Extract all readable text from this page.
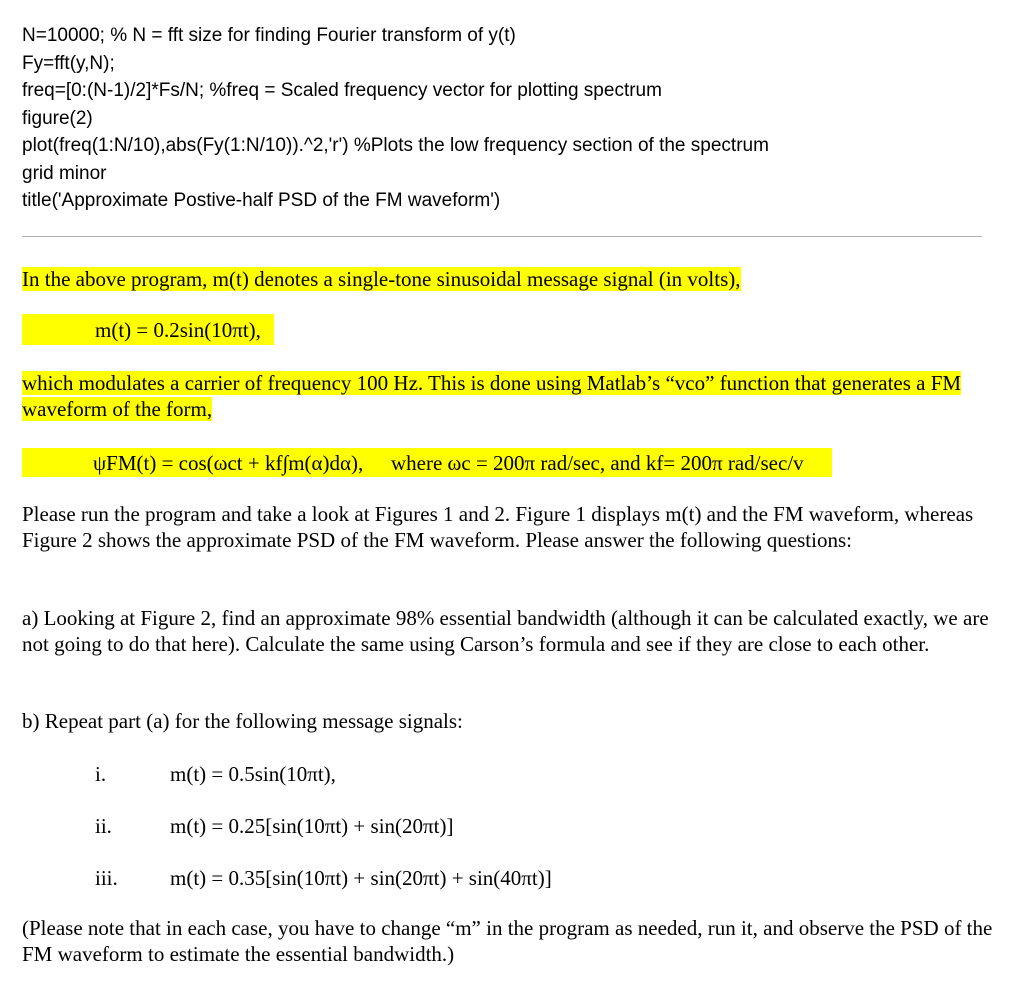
N=10000; % N = fft size for finding Fourier transform of y(t)
Fy=fft(y,N);
freq=[0:(N-1)/2]*Fs/N; %freq = Scaled frequency vector for plotting spectrum
figure(2)
plot(freq(1:N/10),abs(Fy(1:N/10)).^2,'r') %Plots the low frequency section of the spectrum
grid minor
title('Approximate Postive-half PSD of the FM waveform')
In the above program, m(t) denotes a single-tone sinusoidal message signal (in volts),
m(t) = 0.2sin(10πt),
which modulates a carrier of frequency 100 Hz. This is done using Matlab’s “vco” function that generates a FM waveform of the form,
ψFM(t) = cos(ωct + kf∫m(α)dα), where ωc = 200π rad/sec, and kf= 200π rad/sec/v
Please run the program and take a look at Figures 1 and 2. Figure 1 displays m(t) and the FM waveform, whereas Figure 2 shows the approximate PSD of the FM waveform. Please answer the following questions:
a) Looking at Figure 2, find an approximate 98% essential bandwidth (although it can be calculated exactly, we are not going to do that here). Calculate the same using Carson’s formula and see if they are close to each other.
b) Repeat part (a) for the following message signals:
i.	m(t) = 0.5sin(10πt),
ii.	m(t) = 0.25[sin(10πt) + sin(20πt)]
iii. m(t) = 0.35[sin(10πt) + sin(20πt) + sin(40πt)]
(Please note that in each case, you have to change “m” in the program as needed, run it, and observe the PSD of the FM waveform to estimate the essential bandwidth.)
